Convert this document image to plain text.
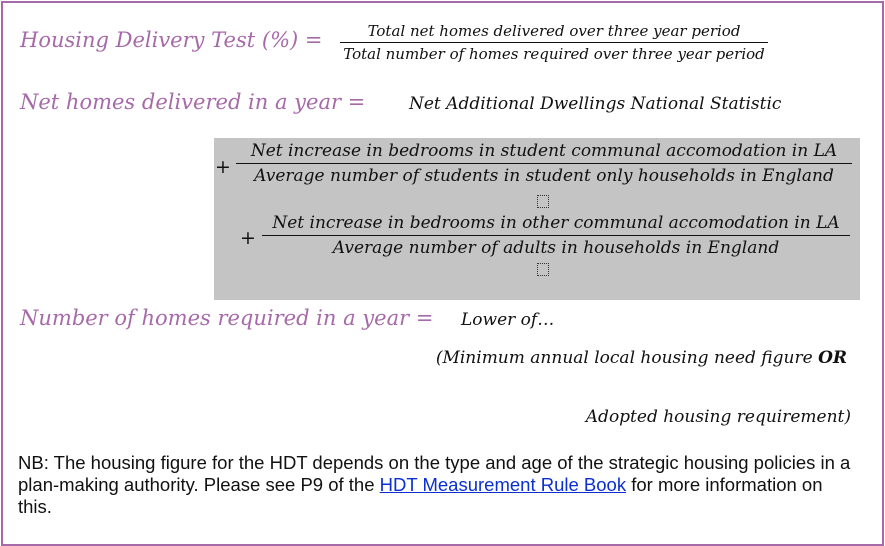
Housing Delivery Test (%) =	Total net homes delivered over three year period
Total number of homes required over three year period
Net homes delivered in a year =	Net Additional Dwellings National Statistic
+
Net increase in bedrooms in student communal accomodation in LA
Average number of students in student only households in England
+
Net increase in bedrooms in other communal accomodation in LA
Average number of adults in households in England
Number of homes required in a year = Lower of…
(Minimum annual local housing need figure OR
Adopted housing requirement)
NB: The housing figure for the HDT depends on the type and age of the strategic housing policies in a plan-making authority. Please see P9 of the HDT Measurement Rule Book for more information on this.
